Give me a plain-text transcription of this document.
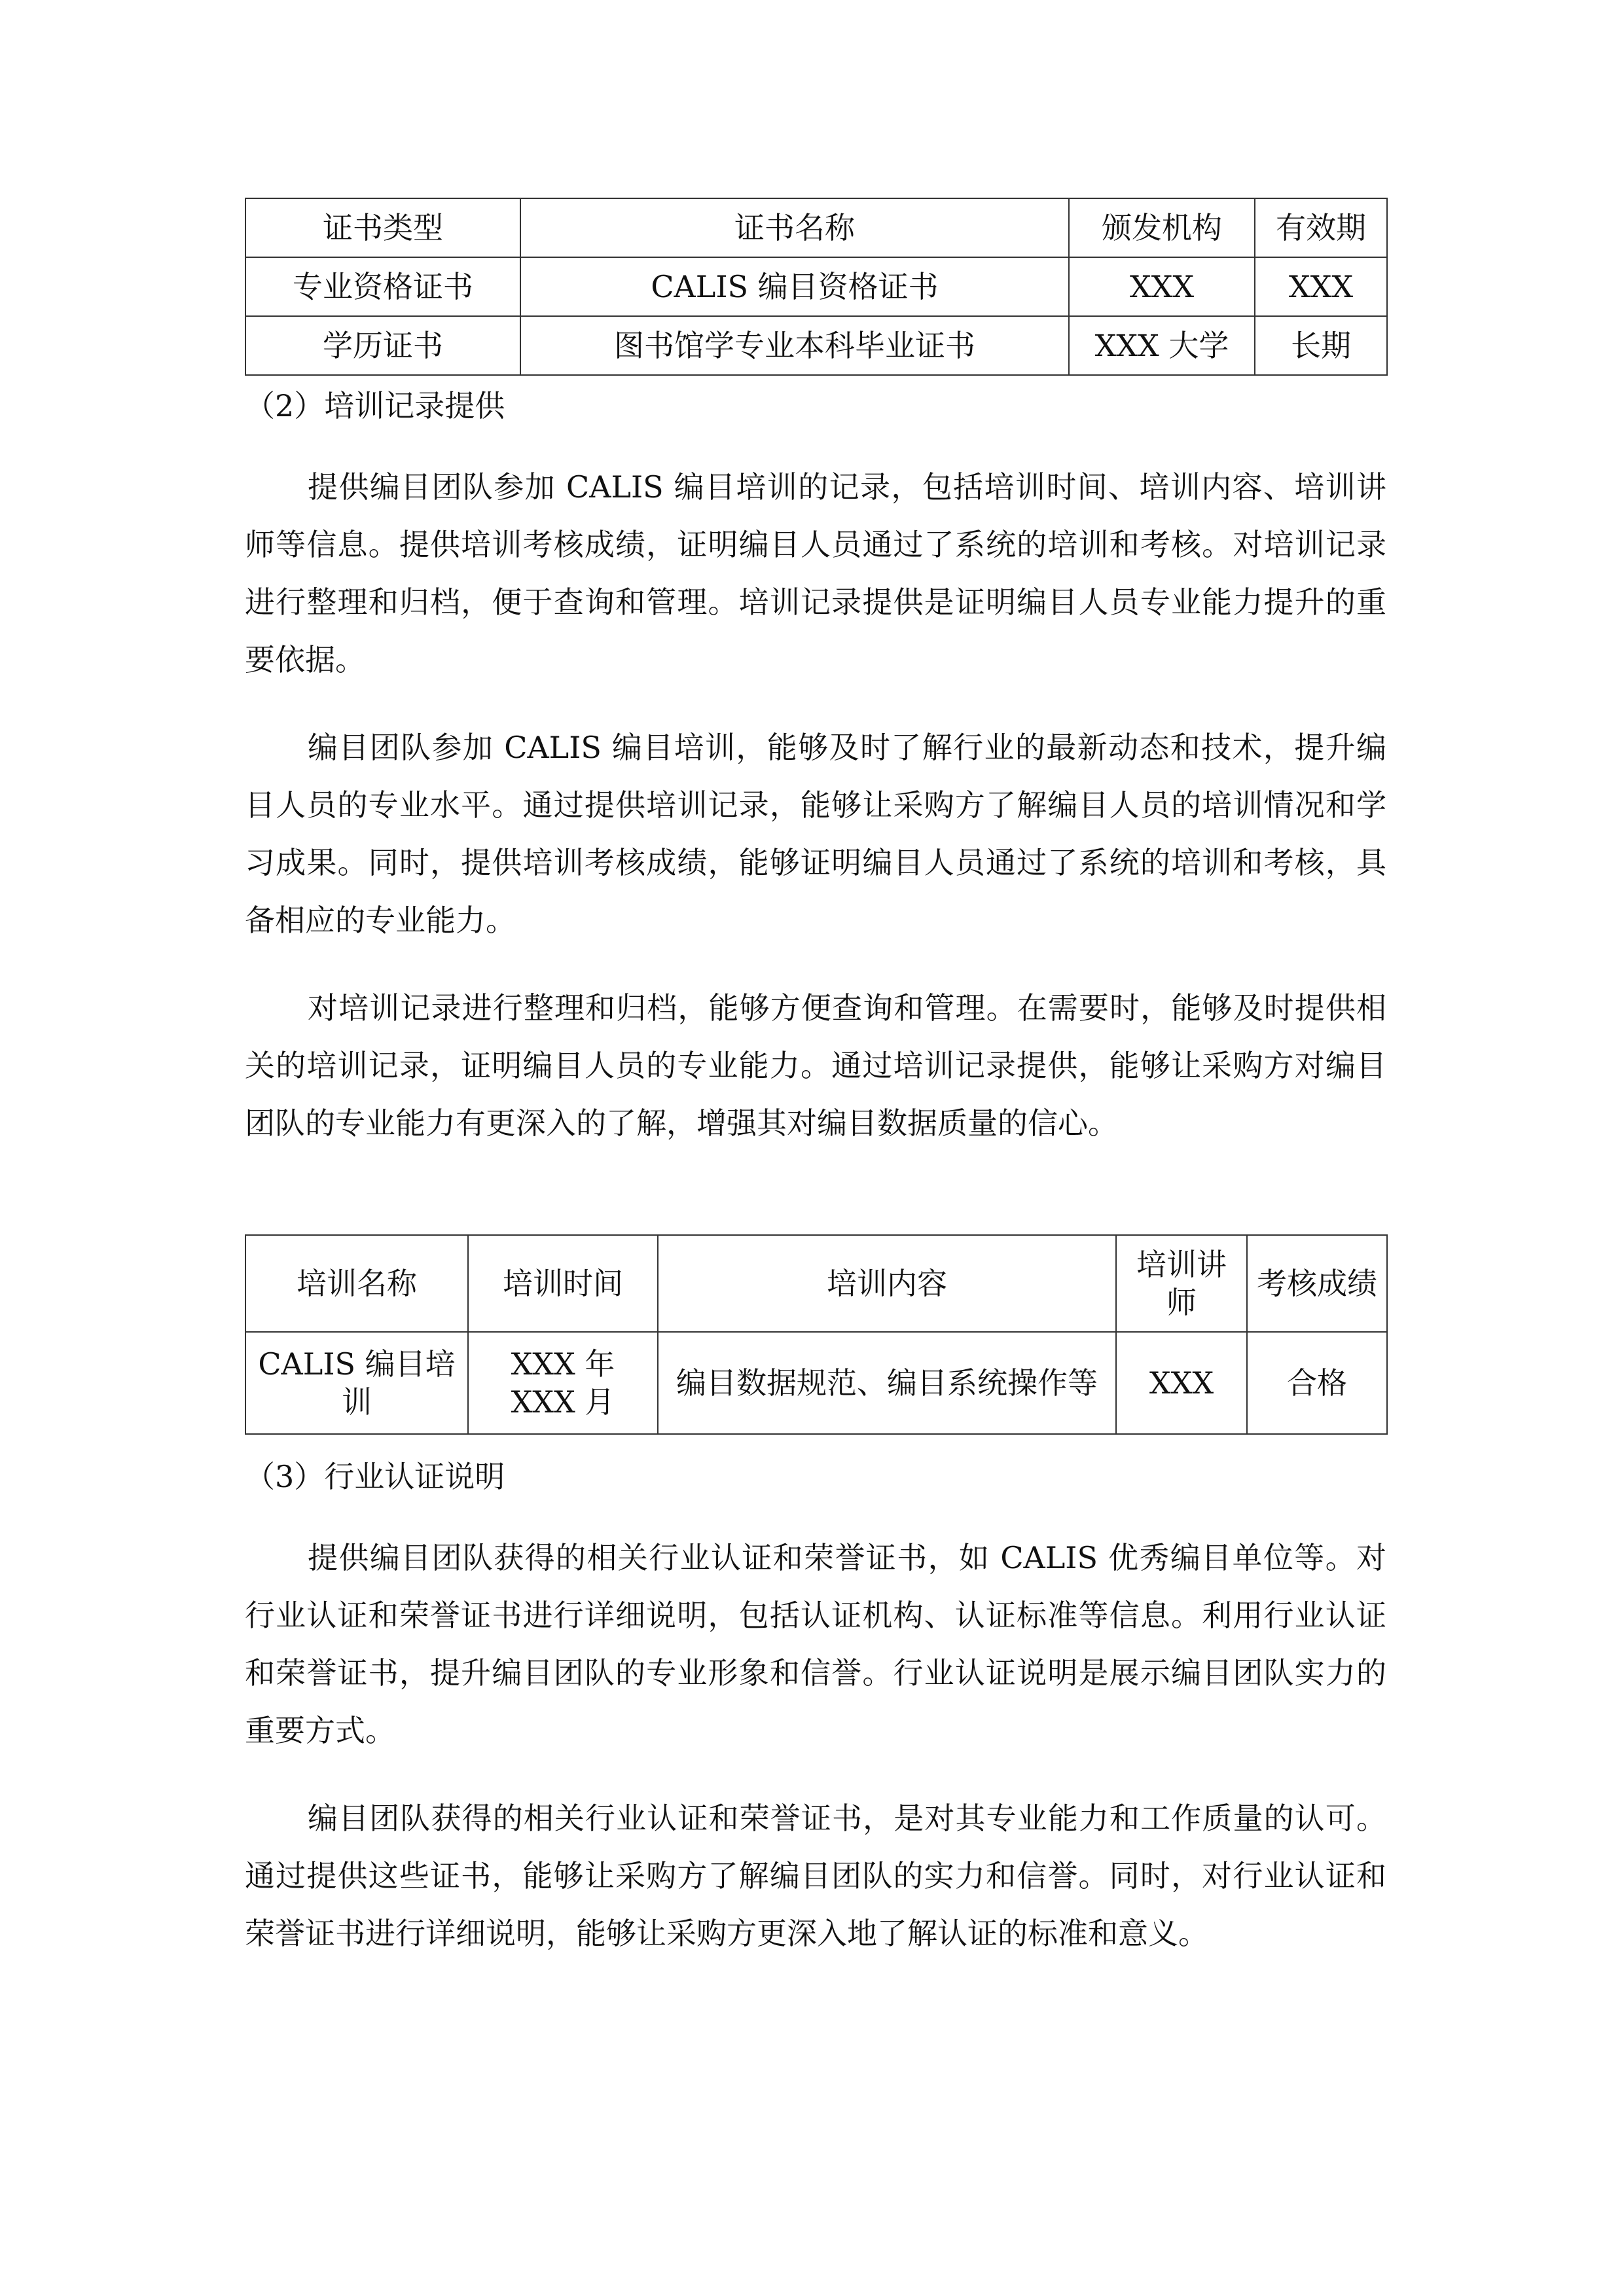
证书类型	证书名称	颁发机构	有效期
专业资格证书	CALIS 编目资格证书	XXX	XXX
学历证书	图书馆学专业本科毕业证书	XXX 大学	长期
（2）培训记录提供

提供编目团队参加 CALIS 编目培训的记录，包括培训时间、培训内容、培训讲师等信息。提供培训考核成绩，证明编目人员通过了系统的培训和考核。对培训记录进行整理和归档，便于查询和管理。培训记录提供是证明编目人员专业能力提升的重要依据。

编目团队参加 CALIS 编目培训，能够及时了解行业的最新动态和技术，提升编目人员的专业水平。通过提供培训记录，能够让采购方了解编目人员的培训情况和学习成果。同时，提供培训考核成绩，能够证明编目人员通过了系统的培训和考核，具备相应的专业能力。

对培训记录进行整理和归档，能够方便查询和管理。在需要时，能够及时提供相关的培训记录，证明编目人员的专业能力。通过培训记录提供，能够让采购方对编目团队的专业能力有更深入的了解，增强其对编目数据质量的信心。

培训名称	培训时间	培训内容	培训讲师	考核成绩
CALIS 编目培训	XXX 年 XXX 月	编目数据规范、编目系统操作等	XXX	合格
（3）行业认证说明

提供编目团队获得的相关行业认证和荣誉证书，如 CALIS 优秀编目单位等。对行业认证和荣誉证书进行详细说明，包括认证机构、认证标准等信息。利用行业认证和荣誉证书，提升编目团队的专业形象和信誉。行业认证说明是展示编目团队实力的重要方式。

编目团队获得的相关行业认证和荣誉证书，是对其专业能力和工作质量的认可。通过提供这些证书，能够让采购方了解编目团队的实力和信誉。同时，对行业认证和荣誉证书进行详细说明，能够让采购方更深入地了解认证的标准和意义。
